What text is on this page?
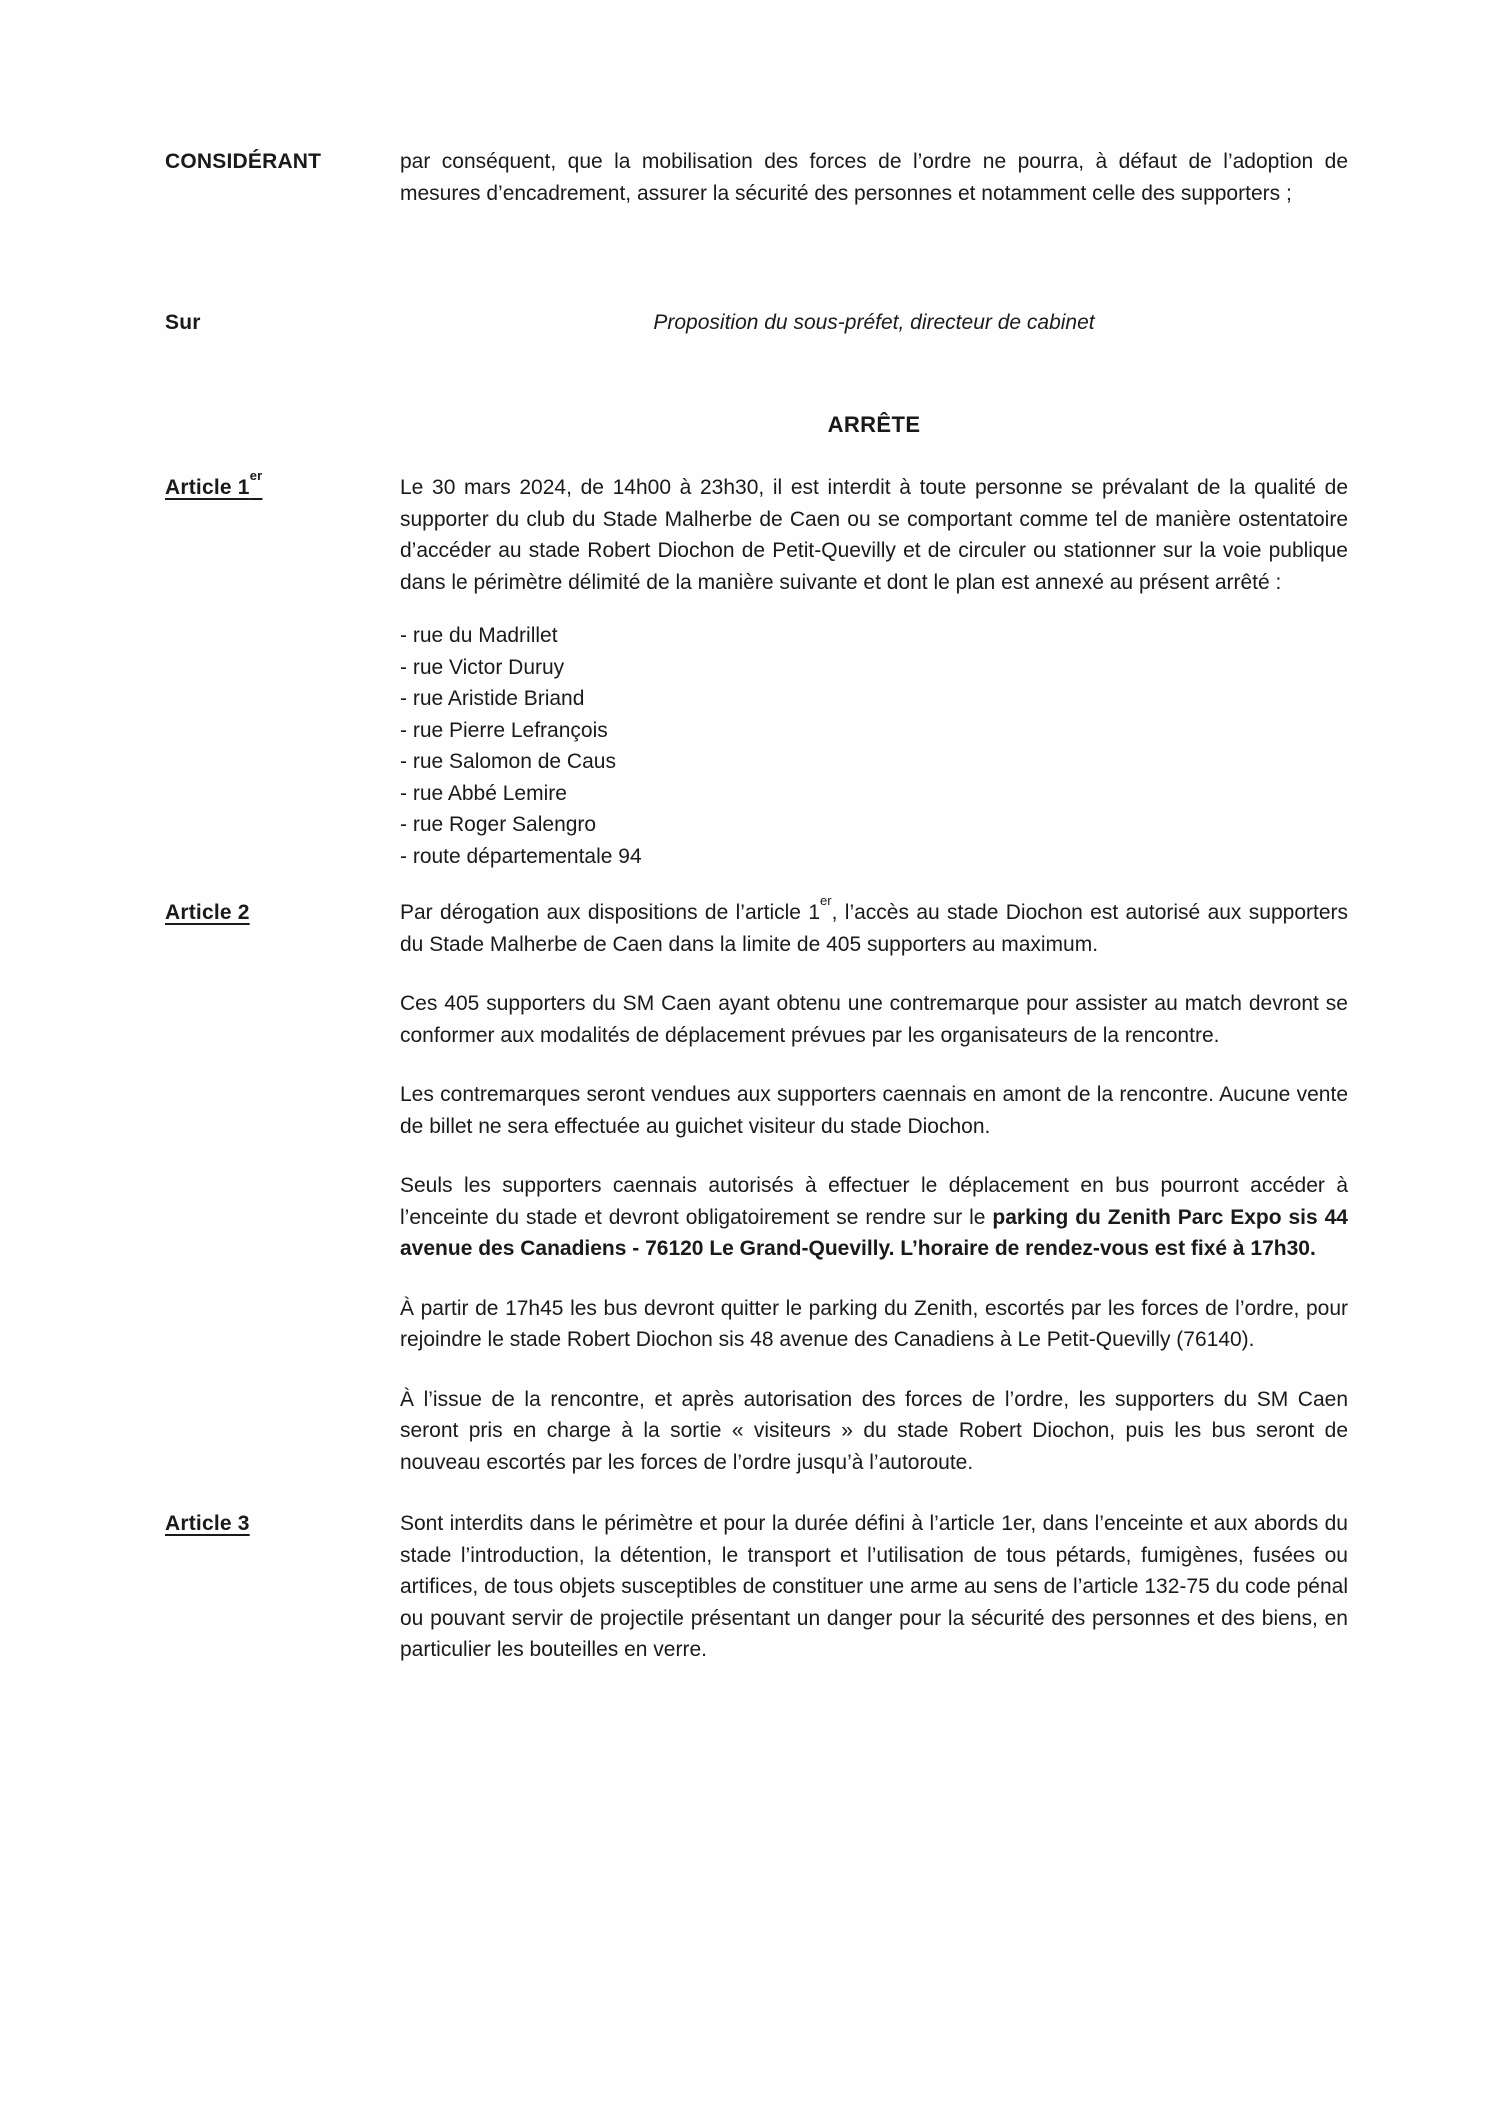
CONSIDÉRANT	par conséquent, que la mobilisation des forces de l’ordre ne pourra, à défaut de l’adoption de mesures d’encadrement, assurer la sécurité des personnes et notamment celle des supporters ;

Sur	Proposition du sous-préfet, directeur de cabinet

ARRÊTE

Article 1er

Le 30 mars 2024, de 14h00 à 23h30, il est interdit à toute personne se prévalant de la qualité de supporter du club du Stade Malherbe de Caen ou se comportant comme tel de manière ostentatoire d’accéder au stade Robert Diochon de Petit-Quevilly et de circuler ou stationner sur la voie publique dans le périmètre délimité de la manière suivante et dont le plan est annexé au présent arrêté :

- rue du Madrillet
- rue Victor Duruy
- rue Aristide Briand
- rue Pierre Lefrançois
- rue Salomon de Caus
- rue Abbé Lemire
- rue Roger Salengro
- route départementale 94
Article 2	Par dérogation aux dispositions de l’article 1er, l’accès au stade Diochon est autorisé aux supporters du Stade Malherbe de Caen dans la limite de 405 supporters au maximum.

Ces 405 supporters du SM Caen ayant obtenu une contremarque pour assister au match devront se conformer aux modalités de déplacement prévues par les organisateurs de la rencontre.

Les contremarques seront vendues aux supporters caennais en amont de la rencontre. Aucune vente de billet ne sera effectuée au guichet visiteur du stade Diochon.

Seuls les supporters caennais autorisés à effectuer le déplacement en bus pourront accéder à l’enceinte du stade et devront obligatoirement se rendre sur le parking du Zenith Parc Expo sis 44 avenue des Canadiens - 76120 Le Grand-Quevilly. L’horaire de rendez-vous est fixé à 17h30.

À partir de 17h45 les bus devront quitter le parking du Zenith, escortés par les forces de l’ordre, pour rejoindre le stade Robert Diochon sis 48 avenue des Canadiens à Le Petit-Quevilly (76140).

À l’issue de la rencontre, et après autorisation des forces de l’ordre, les supporters du SM Caen seront pris en charge à la sortie « visiteurs » du stade Robert Diochon, puis les bus seront de nouveau escortés par les forces de l’ordre jusqu’à l’autoroute.

Article 3	Sont interdits dans le périmètre et pour la durée défini à l’article 1er, dans l’enceinte et aux abords du stade l’introduction, la détention, le transport et l’utilisation de tous pétards, fumigènes, fusées ou artifices, de tous objets susceptibles de constituer une arme au sens de l’article 132-75 du code pénal ou pouvant servir de projectile présentant un danger pour la sécurité des personnes et des biens, en particulier les bouteilles en verre.
